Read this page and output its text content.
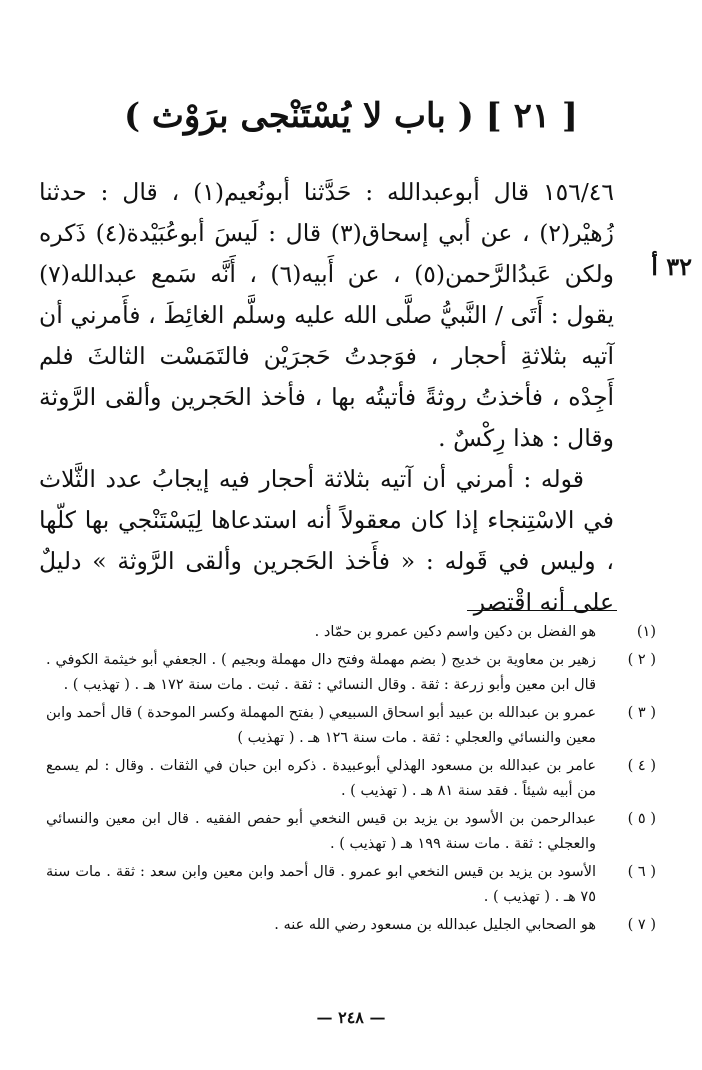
[ ٢١ ] ( باب لا يُسْتَنْجى برَوْث )
٣٢ أ

١٥٦/٤٦ قال أبوعبدالله : حَدَّثنا أبونُعيم(١) ، قال : حدثنا زُهيْر(٢) ، عن أبي إسحاق(٣) قال : لَيسَ أبوعُبَيْدة(٤) ذَكره ولكن عَبدُالرَّحمن(٥) ، عن أَبيه(٦) ، أَنَّه سَمع عبدالله(٧) يقول : أَتَى / النَّبيُّ صلَّى الله عليه وسلَّم الغائِطَ ، فأَمرني أن آتيه بثلاثةِ أحجار ، فوَجدتُ حَجرَيْن فالتَمَسْت الثالثَ فلم أَجِدْه ، فأخذتُ روثةً فأتيتُه بها ، فأخذ الحَجرين وألقى الرَّوثة وقال : هذا رِكْسٌ .

قوله : أمرني أن آتيه بثلاثة أحجار فيه إيجابُ عدد الثَّلاث في الاسْتِنجاء إذا كان معقولاً أنه استدعاها لِيَسْتَنْجي بها كلّها ، وليس في قَوله : « فأَخذ الحَجرين وألقى الرَّوثة » دليلٌ على أنه اقْتصر

(١)
هو الفضل بن دكين واسم دكين عمرو بن حمّاد .
( ٢ )
زهير بن معاوية بن خديج ( بضم مهملة وفتح دال مهملة وبجيم ) . الجعفي أبو خيثمة الكوفي . قال ابن معين وأبو زرعة : ثقة . وقال النسائي : ثقة . ثبت . مات سنة ١٧٢ هـ . ( تهذيب ) .
( ٣ )
عمرو بن عبدالله بن عبيد أبو اسحاق السبيعي ( بفتح المهملة وكسر الموحدة ) قال أحمد وابن معين والنسائي والعجلي : ثقة . مات سنة ١٢٦ هـ . ( تهذيب )
( ٤ )
عامر بن عبدالله بن مسعود الهذلي أبوعبيدة . ذكره ابن حبان في الثقات . وقال : لم يسمع من أبيه شيئاً . فقد سنة ٨١ هـ . ( تهذيب ) .
( ٥ )
عبدالرحمن بن الأسود بن يزيد بن قيس النخعي أبو حفص الفقيه . قال ابن معين والنسائي والعجلي : ثقة . مات سنة ١٩٩ هـ ( تهذيب ) .
( ٦ )
الأسود بن يزيد بن قيس النخعي ابو عمرو . قال أحمد وابن معين وابن سعد : ثقة . مات سنة ٧٥ هـ . ( تهذيب ) .
( ٧ )
هو الصحابي الجليل عبدالله بن مسعود رضي الله عنه .
— ٢٤٨ —
